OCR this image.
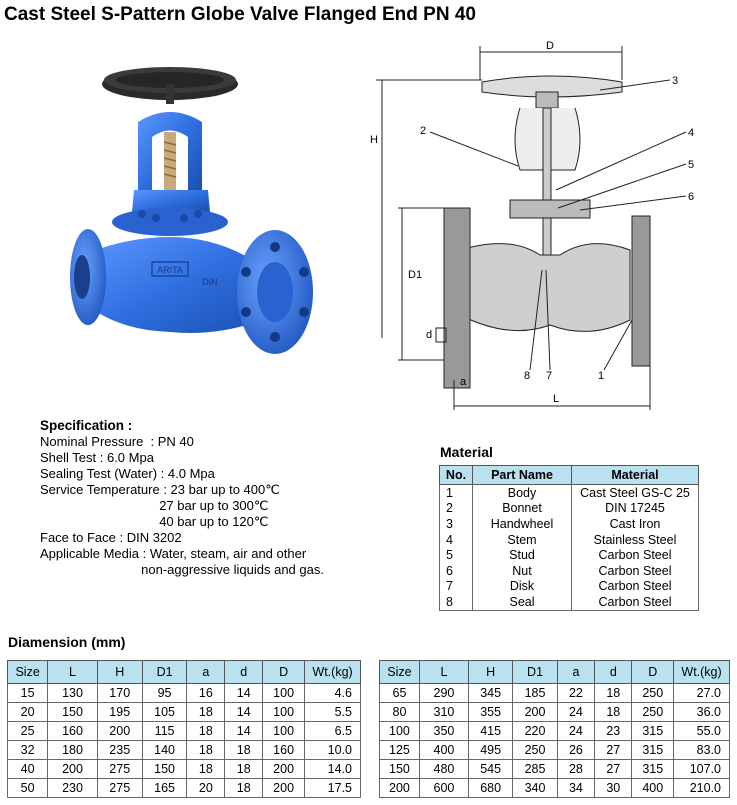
Cast Steel S-Pattern Globe Valve Flanged End PN 40
ARITA
DIN
D
H
D1
d
a
L
3
2	4
5
6
8 7	1
Specification :
Nominal Pressure  : PN 40
Shell Test : 6.0 Mpa
Sealing Test (Water) : 4.0 Mpa
Service Temperature : 23 bar up to 400℃
27 bar up to 300℃
40 bar up to 120℃
Face to Face : DIN 3202
Applicable Media : Water, steam, air and other
non-aggressive liquids and gas.
Material
No.	Part Name	Material
1	Body	Cast Steel GS-C 25
2	Bonnet	DIN 17245
3	Handwheel	Cast Iron
4	Stem	Stainless Steel
5	Stud	Carbon Steel
6	Nut	Carbon Steel
7	Disk	Carbon Steel
8	Seal	Carbon Steel
Diamension (mm)
Size	L	H	D1	a	d	D	Wt.(kg)
15	130	170	95	16	14	100	4.6
20	150	195	105	18	14	100	5.5
25	160	200	115	18	14	100	6.5
32	180	235	140	18	18	160	10.0
40	200	275	150	18	18	200	14.0
50	230	275	165	20	18	200	17.5
Size	L	H	D1	a	d	D	Wt.(kg)
65	290	345	185	22	18	250	27.0
80	310	355	200	24	18	250	36.0
100	350	415	220	24	23	315	55.0
125	400	495	250	26	27	315	83.0
150	480	545	285	28	27	315	107.0
200	600	680	340	34	30	400	210.0
